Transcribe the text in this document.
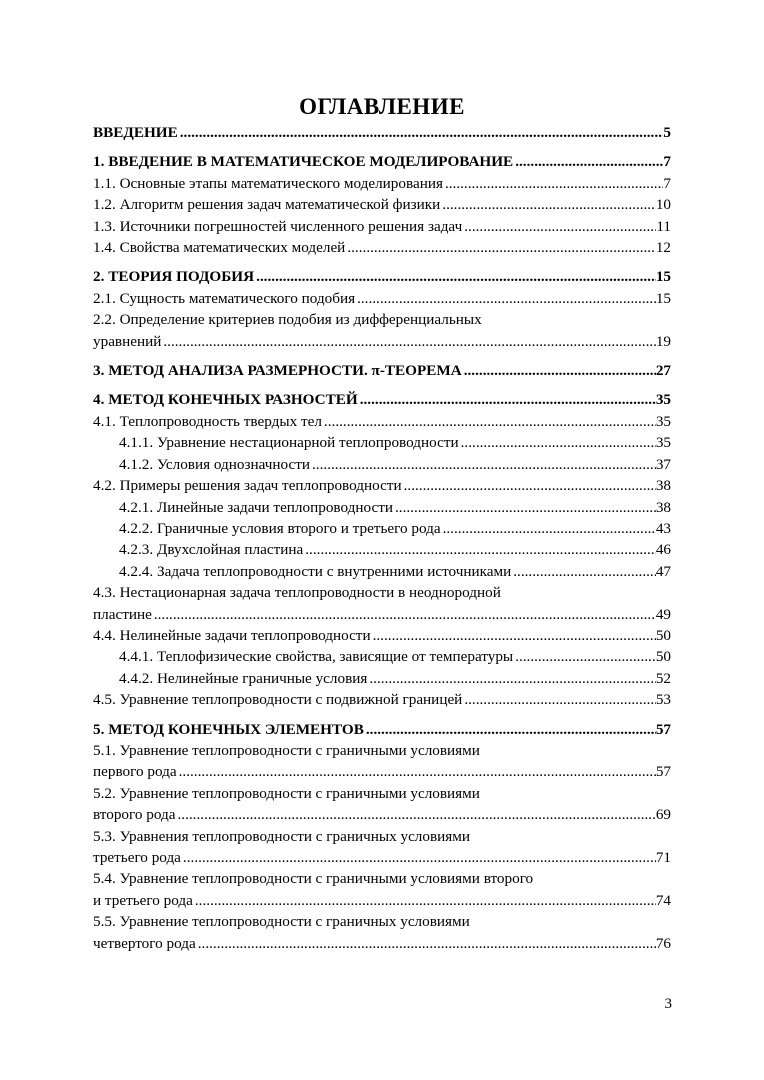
ОГЛАВЛЕНИЕ
ВВЕДЕНИЕ .....	5
1. ВВЕДЕНИЕ В МАТЕМАТИЧЕСКОЕ МОДЕЛИРОВАНИЕ .....	7
1.1. Основные этапы математического моделирования .....	7
1.2. Алгоритм решения задач математической физики .....	10
1.3. Источники погрешностей численного решения задач .....	11
1.4. Свойства математических моделей .....	12
2. ТЕОРИЯ ПОДОБИЯ .....	15
2.1. Сущность математического подобия .....	15
2.2. Определение критериев подобия из дифференциальных
уравнений .....	19
3. МЕТОД АНАЛИЗА РАЗМЕРНОСТИ. π-ТЕОРЕМА .....	27
4. МЕТОД КОНЕЧНЫХ РАЗНОСТЕЙ .....	35
4.1. Теплопроводность твердых тел .....	35
4.1.1. Уравнение нестационарной теплопроводности .....	35
4.1.2. Условия однозначности .....	37
4.2. Примеры решения задач теплопроводности .....	38
4.2.1. Линейные задачи теплопроводности .....	38
4.2.2. Граничные условия второго и третьего рода .....	43
4.2.3. Двухслойная пластина .....	46
4.2.4. Задача теплопроводности с внутренними источниками .....	47
4.3. Нестационарная задача теплопроводности в неоднородной
пластине .....	49
4.4. Нелинейные задачи теплопроводности .....	50
4.4.1. Теплофизические свойства, зависящие от температуры .....	50
4.4.2. Нелинейные граничные условия .....	52
4.5. Уравнение теплопроводности с подвижной границей .....	53
5. МЕТОД КОНЕЧНЫХ ЭЛЕМЕНТОВ .....	57
5.1. Уравнение теплопроводности с граничными условиями
первого рода .....	57
5.2. Уравнение теплопроводности с граничными условиями
второго рода .....	69
5.3. Уравнения теплопроводности с граничных условиями
третьего рода .....	71
5.4. Уравнение теплопроводности с граничными условиями второго
и третьего рода .....	74
5.5. Уравнение теплопроводности с граничных условиями
четвертого рода .....	76
3
